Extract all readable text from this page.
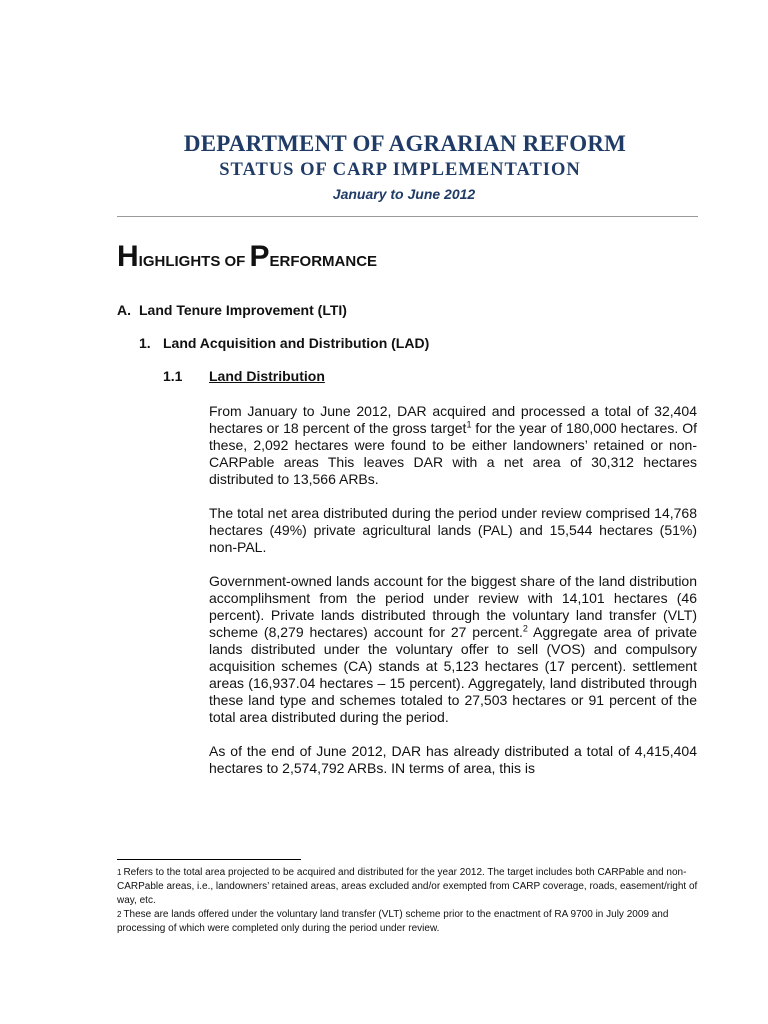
DEPARTMENT OF AGRARIAN REFORM
STATUS OF CARP IMPLEMENTATION
January to June 2012
HIGHLIGHTS OF PERFORMANCE
A. Land Tenure Improvement (LTI)
1. Land Acquisition and Distribution (LAD)
1.1 Land Distribution

From January to June 2012, DAR acquired and processed a total of 32,404 hectares or 18 percent of the gross target$^1$ for the year of 180,000 hectares. Of these, 2,092 hectares were found to be either landowners’ retained or non-CARPable areas This leaves DAR with a net area of 30,312 hectares distributed to 13,566 ARBs.

The total net area distributed during the period under review comprised 14,768 hectares (49%) private agricultural lands (PAL) and 15,544 hectares (51%) non-PAL.

Government-owned lands account for the biggest share of the land distribution accomplihsment from the period under review with 14,101 hectares (46 percent). Private lands distributed through the voluntary land transfer (VLT) scheme (8,279 hectares) account for 27 percent.$^2$ Aggregate area of private lands distributed under the voluntary offer to sell (VOS) and compulsory acquisition schemes (CA) stands at 5,123 hectares (17 percent). settlement areas (16,937.04 hectares – 15 percent). Aggregately, land distributed through these land type and schemes totaled to 27,503 hectares or 91 percent of the total area distributed during the period.

As of the end of June 2012, DAR has already distributed a total of 4,415,404 hectares to 2,574,792 ARBs. IN terms of area, this is

$^1$ Refers to the total area projected to be acquired and distributed for the year 2012. The target includes both CARPable and non-CARPable areas, i.e., landowners’ retained areas, areas excluded and/or exempted from CARP coverage, roads, easement/right of way, etc.

$^2$ These are lands offered under the voluntary land transfer (VLT) scheme prior to the enactment of RA 9700 in July 2009 and processing of which were completed only during the period under review.
